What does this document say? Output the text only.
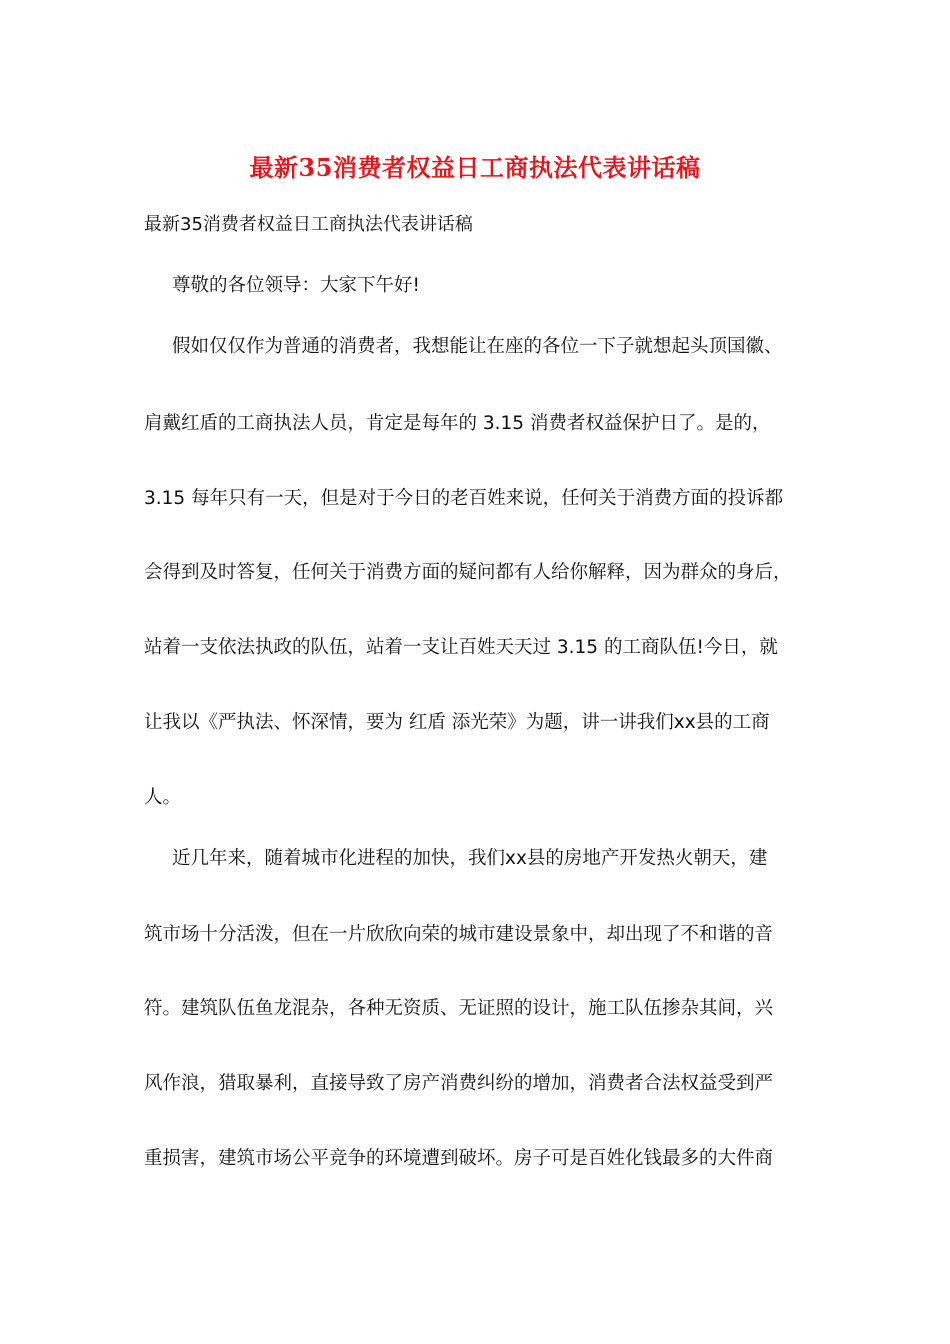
最新35消费者权益日工商执法代表讲话稿
最新35消费者权益日工商执法代表讲话稿
尊敬的各位领导：大家下午好!
假如仅仅作为普通的消费者，我想能让在座的各位一下子就想起头顶国徽、
肩戴红盾的工商执法人员，肯定是每年的 3.15 消费者权益保护日了。是的，
3.15 每年只有一天，但是对于今日的老百姓来说，任何关于消费方面的投诉都
会得到及时答复，任何关于消费方面的疑问都有人给你解释，因为群众的身后，
站着一支依法执政的队伍，站着一支让百姓天天过 3.15 的工商队伍!今日，就
让我以《严执法、怀深情，要为 红盾 添光荣》为题，讲一讲我们xx县的工商
人。
近几年来，随着城市化进程的加快，我们xx县的房地产开发热火朝天，建
筑市场十分活泼，但在一片欣欣向荣的城市建设景象中，却出现了不和谐的音
符。建筑队伍鱼龙混杂，各种无资质、无证照的设计，施工队伍掺杂其间，兴
风作浪，猎取暴利，直接导致了房产消费纠纷的增加，消费者合法权益受到严
重损害，建筑市场公平竞争的环境遭到破坏。房子可是百姓化钱最多的大件商
